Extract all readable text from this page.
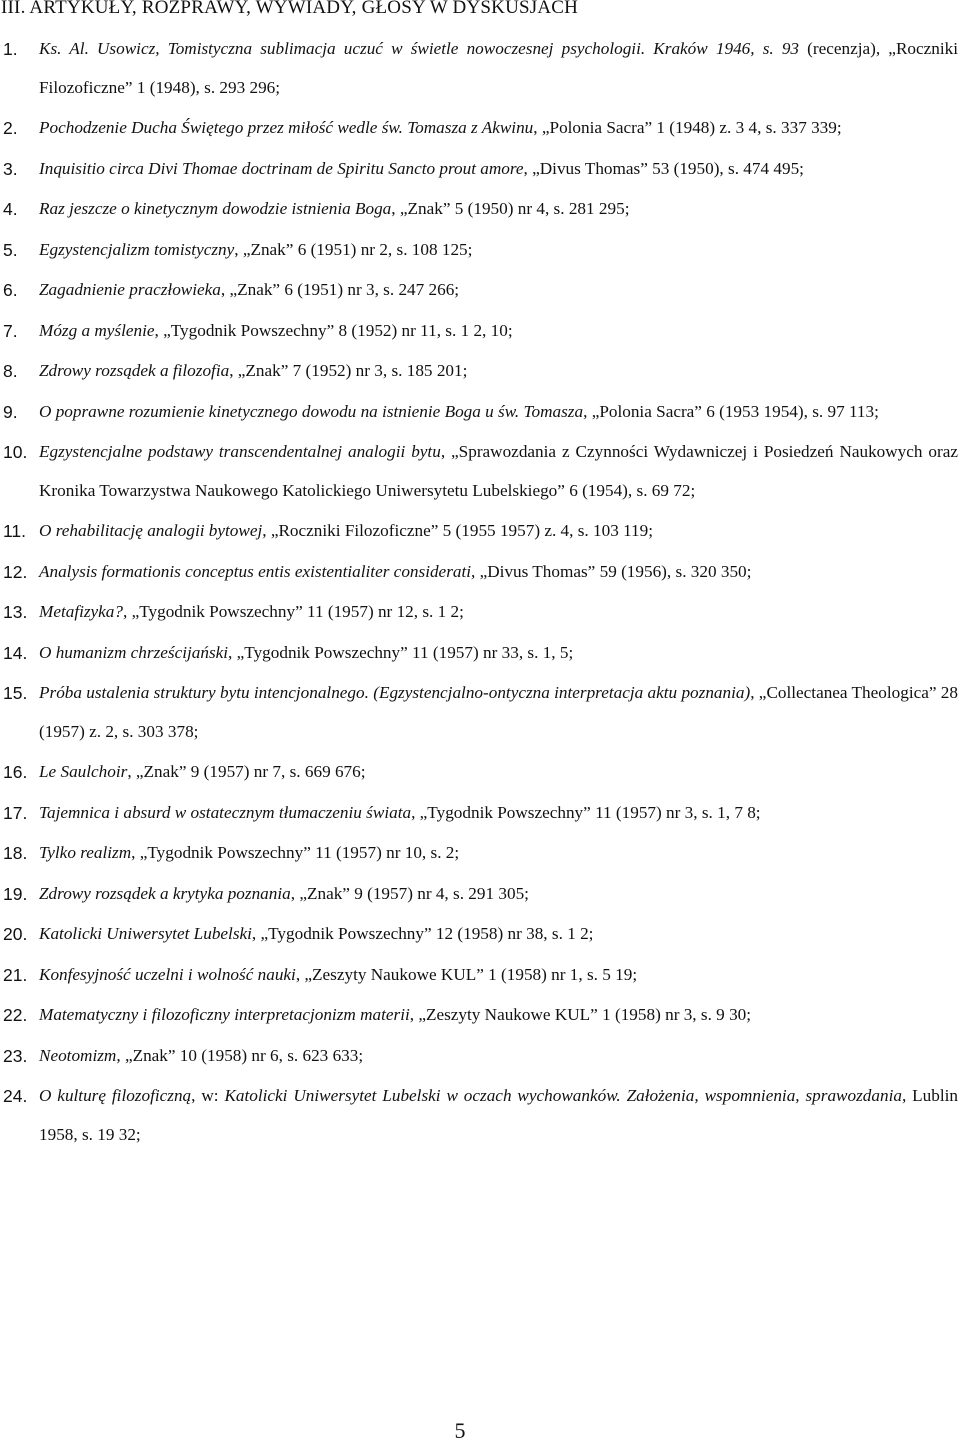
III. ARTYKUŁY, ROZPRAWY, WYWIADY, GŁOSY W DYSKUSJACH
1. Ks. Al. Usowicz, Tomistyczna sublimacja uczuć w świetle nowoczesnej psychologii. Kraków 1946, s. 93 (recenzja), „Roczniki Filozoficzne” 1 (1948), s. 293 296;
2. Pochodzenie Ducha Świętego przez miłość wedle św. Tomasza z Akwinu, „Polonia Sacra” 1 (1948) z. 3 4, s. 337 339;
3. Inquisitio circa Divi Thomae doctrinam de Spiritu Sancto prout amore, „Divus Thomas” 53 (1950), s. 474 495;
4. Raz jeszcze o kinetycznym dowodzie istnienia Boga, „Znak” 5 (1950) nr 4, s. 281 295;
5. Egzystencjalizm tomistyczny, „Znak” 6 (1951) nr 2, s. 108 125;
6. Zagadnienie praczłowieka, „Znak” 6 (1951) nr 3, s. 247 266;
7. Mózg a myślenie, „Tygodnik Powszechny” 8 (1952) nr 11, s. 1 2, 10;
8. Zdrowy rozsądek a filozofia, „Znak” 7 (1952) nr 3, s. 185 201;
9. O poprawne rozumienie kinetycznego dowodu na istnienie Boga u św. Tomasza, „Polonia Sacra” 6 (1953 1954), s. 97 113;
10. Egzystencjalne podstawy transcendentalnej analogii bytu, „Sprawozdania z Czynności Wydawniczej i Posiedzeń Naukowych oraz Kronika Towarzystwa Naukowego Katolickiego Uniwersytetu Lubelskiego” 6 (1954), s. 69 72;
11. O rehabilitację analogii bytowej, „Roczniki Filozoficzne” 5 (1955 1957) z. 4, s. 103 119;
12. Analysis formationis conceptus entis existentialiter considerati, „Divus Thomas” 59 (1956), s. 320 350;
13. Metafizyka?, „Tygodnik Powszechny” 11 (1957) nr 12, s. 1 2;
14. O humanizm chrześcijański, „Tygodnik Powszechny” 11 (1957) nr 33, s. 1, 5;
15. Próba ustalenia struktury bytu intencjonalnego. (Egzystencjalno-ontyczna interpretacja aktu poznania), „Collectanea Theologica” 28 (1957) z. 2, s. 303 378;
16. Le Saulchoir, „Znak” 9 (1957) nr 7, s. 669 676;
17. Tajemnica i absurd w ostatecznym tłumaczeniu świata, „Tygodnik Powszechny” 11 (1957) nr 3, s. 1, 7 8;
18. Tylko realizm, „Tygodnik Powszechny” 11 (1957) nr 10, s. 2;
19. Zdrowy rozsądek a krytyka poznania, „Znak” 9 (1957) nr 4, s. 291 305;
20. Katolicki Uniwersytet Lubelski, „Tygodnik Powszechny” 12 (1958) nr 38, s. 1 2;
21. Konfesyjność uczelni i wolność nauki, „Zeszyty Naukowe KUL” 1 (1958) nr 1, s. 5 19;
22. Matematyczny i filozoficzny interpretacjonizm materii, „Zeszyty Naukowe KUL” 1 (1958) nr 3, s. 9 30;
23. Neotomizm, „Znak” 10 (1958) nr 6, s. 623 633;
24. O kulturę filozoficzną, w: Katolicki Uniwersytet Lubelski w oczach wychowanków. Założenia, wspomnienia, sprawozdania, Lublin 1958, s. 19 32;
5
